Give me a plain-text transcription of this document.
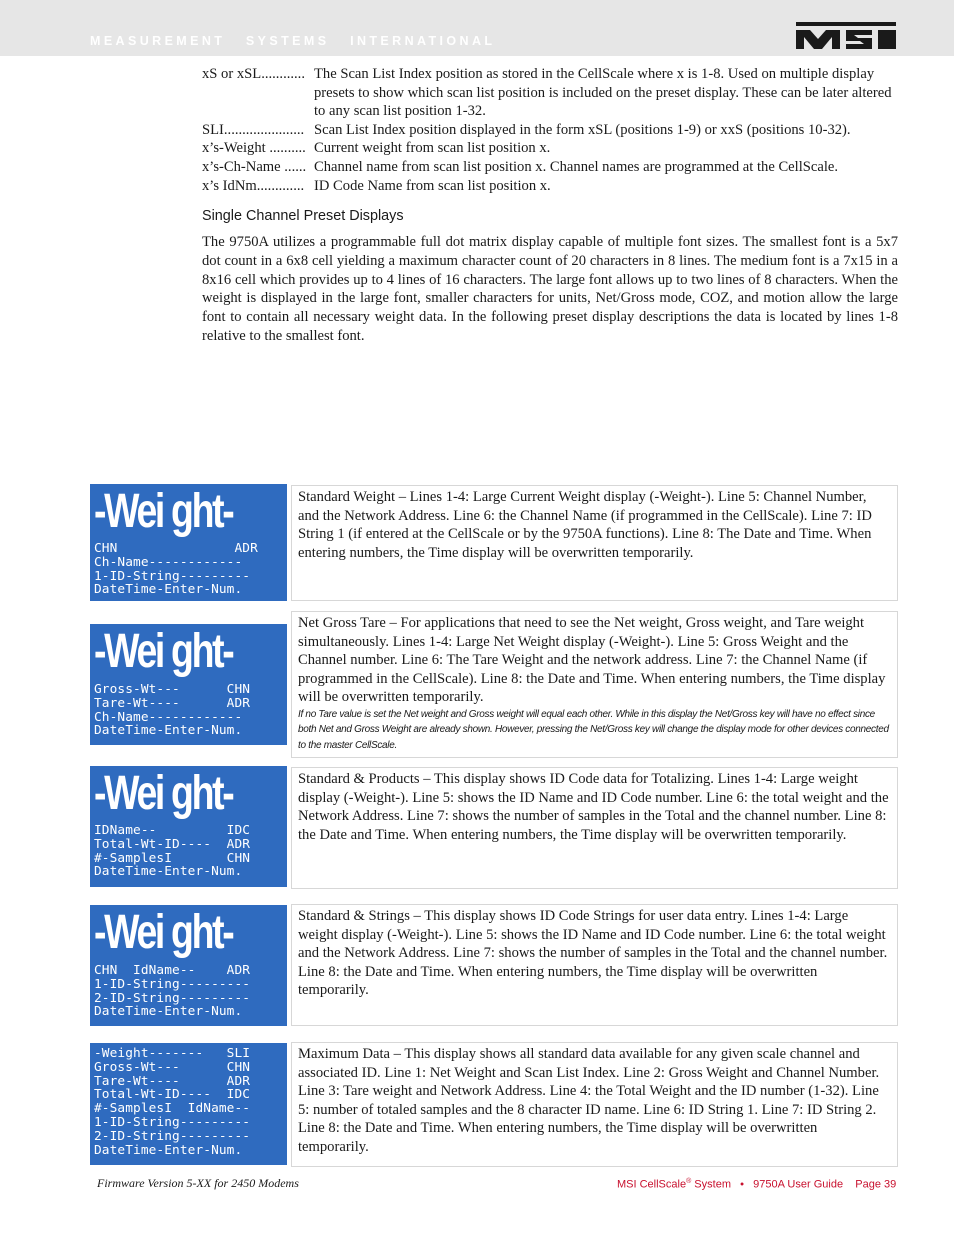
MEASUREMENT   SYSTEMS   INTERNATIONAL
xS or xSL............ The Scan List Index position as stored in the CellScale where x is 1-8. Used on multiple display presets to show which scan list position is included on the preset display. These can be later altered to any scan list position 1-32.
SLI...................... Scan List Index position displayed in the form xSL (positions 1-9) or xxS (positions 10-32).
x’s-Weight .......... Current weight from scan list position x.
x’s-Ch-Name ...... Channel name from scan list position x. Channel names are programmed at the CellScale.
x’s IdNm............. ID Code Name from scan list position x.
Single Channel Preset Displays

The 9750A utilizes a programmable full dot matrix display capable of multiple font sizes. The smallest font is a 5x7 dot count in a 6x8 cell yielding a maximum character count of 20 characters in 8 lines. The medium font is a 7x15 in a 8x16 cell which provides up to 4 lines of 16 characters. The large font allows up to two lines of 8 characters. When the weight is displayed in the large font, smaller characters for units, Net/Gross mode, COZ, and motion allow the large font to contain all necessary weight data. In the following preset display descriptions the data is located by lines 1-8 relative to the smallest font.

-Wei ght-
CHN               ADR
Ch-Name------------
1-ID-String---------
DateTime-Enter-Num.

Standard Weight – Lines 1-4: Large Current Weight display (-Weight-). Line 5: Channel Number, and the Network Address. Line 6: the Channel Name (if programmed in the CellScale). Line 7: ID String 1 (if entered at the CellScale or by the 9750A functions). Line 8: The Date and Time. When entering numbers, the Time display will be overwritten temporarily.

-Wei ght-
Gross-Wt---      CHN
Tare-Wt----      ADR
Ch-Name------------
DateTime-Enter-Num.

Net Gross Tare – For applications that need to see the Net weight, Gross weight, and Tare weight simultaneously. Lines 1-4: Large Net Weight display (-Weight-). Line 5: Gross Weight and the Channel number. Line 6: The Tare Weight and the network address. Line 7: the Channel Name (if programmed in the CellScale). Line 8: the Date and Time. When entering numbers, the Time display will be overwritten temporarily.

If no Tare value is set the Net weight and Gross weight will equal each other. While in this display the Net/Gross key will have no effect since both Net and Gross Weight are already shown. However, pressing the Net/Gross key will change the display mode for other devices connected to the master CellScale.

-Wei ght-
IDName--         IDC
Total-Wt-ID----  ADR
#-SamplesI       CHN
DateTime-Enter-Num.

Standard & Products – This display shows ID Code data for Totalizing. Lines 1-4: Large weight display (-Weight-). Line 5: shows the ID Name and ID Code number. Line 6: the total weight and the Network Address. Line 7: shows the number of samples in the Total and the channel number. Line 8: the Date and Time. When entering numbers, the Time display will be overwritten temporarily.

-Wei ght-
CHN  IdName--    ADR
1-ID-String---------
2-ID-String---------
DateTime-Enter-Num.

Standard & Strings – This display shows ID Code Strings for user data entry. Lines 1-4: Large weight display (-Weight-). Line 5: shows the ID Name and ID Code number. Line 6: the total weight and the Network Address. Line 7: shows the number of samples in the Total and the channel number. Line 8: the Date and Time. When entering numbers, the Time display will be overwritten temporarily.

-Weight-------   SLI
Gross-Wt---      CHN
Tare-Wt----      ADR
Total-Wt-ID----  IDC
#-SamplesI  IdName--
1-ID-String---------
2-ID-String---------
DateTime-Enter-Num.

Maximum Data – This display shows all standard data available for any given scale channel and associated ID. Line 1: Net Weight and Scan List Index. Line 2: Gross Weight and Channel Number. Line 3: Tare weight and Network Address. Line 4: the Total Weight and the ID number (1-32). Line 5: number of totaled samples and the 8 character ID name. Line 6: ID String 1. Line 7: ID String 2. Line 8: the Date and Time. When entering numbers, the Time display will be overwritten temporarily.

Firmware Version 5-XX for 2450 Modems	MSI CellScale® System   •   9750A User Guide    Page 39
